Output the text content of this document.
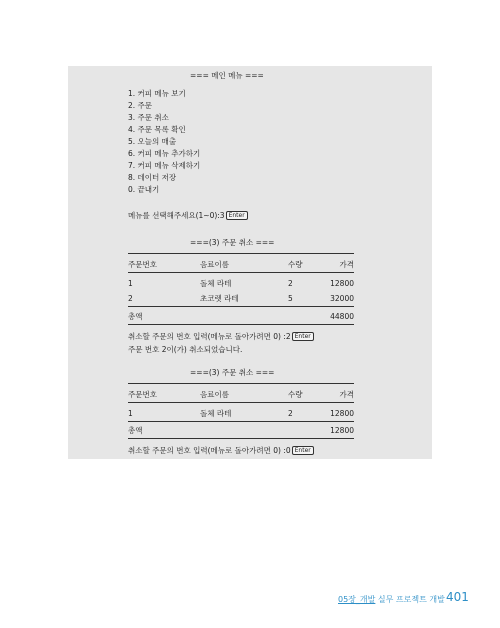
=== 메인 메뉴 ===
1. 커피 메뉴 보기
2. 주문
3. 주문 취소
4. 주문 목록 확인
5. 오늘의 매출
6. 커피 메뉴 추가하기
7. 커피 메뉴 삭제하기
8. 데이터 저장
0. 끝내기
메뉴를 선택해주세요(1~0):3 Enter
===(3) 주문 취소 ===
주문번호	음료이름	수량	가격
1	돌체 라테	2	12800
2	초코렛 라테	5	32000
총액	44800
취소할 주문의 번호 입력(메뉴로 돌아가려면 0) :2 Enter
주문 번호 2이(가) 취소되었습니다.
===(3) 주문 취소 ===
주문번호	음료이름	수량	가격
1	돌체 라테	2	12800
총액	12800
취소할 주문의 번호 입력(메뉴로 돌아가려면 0) :0 Enter
05장_개발 실무 프로젝트 개발 401
